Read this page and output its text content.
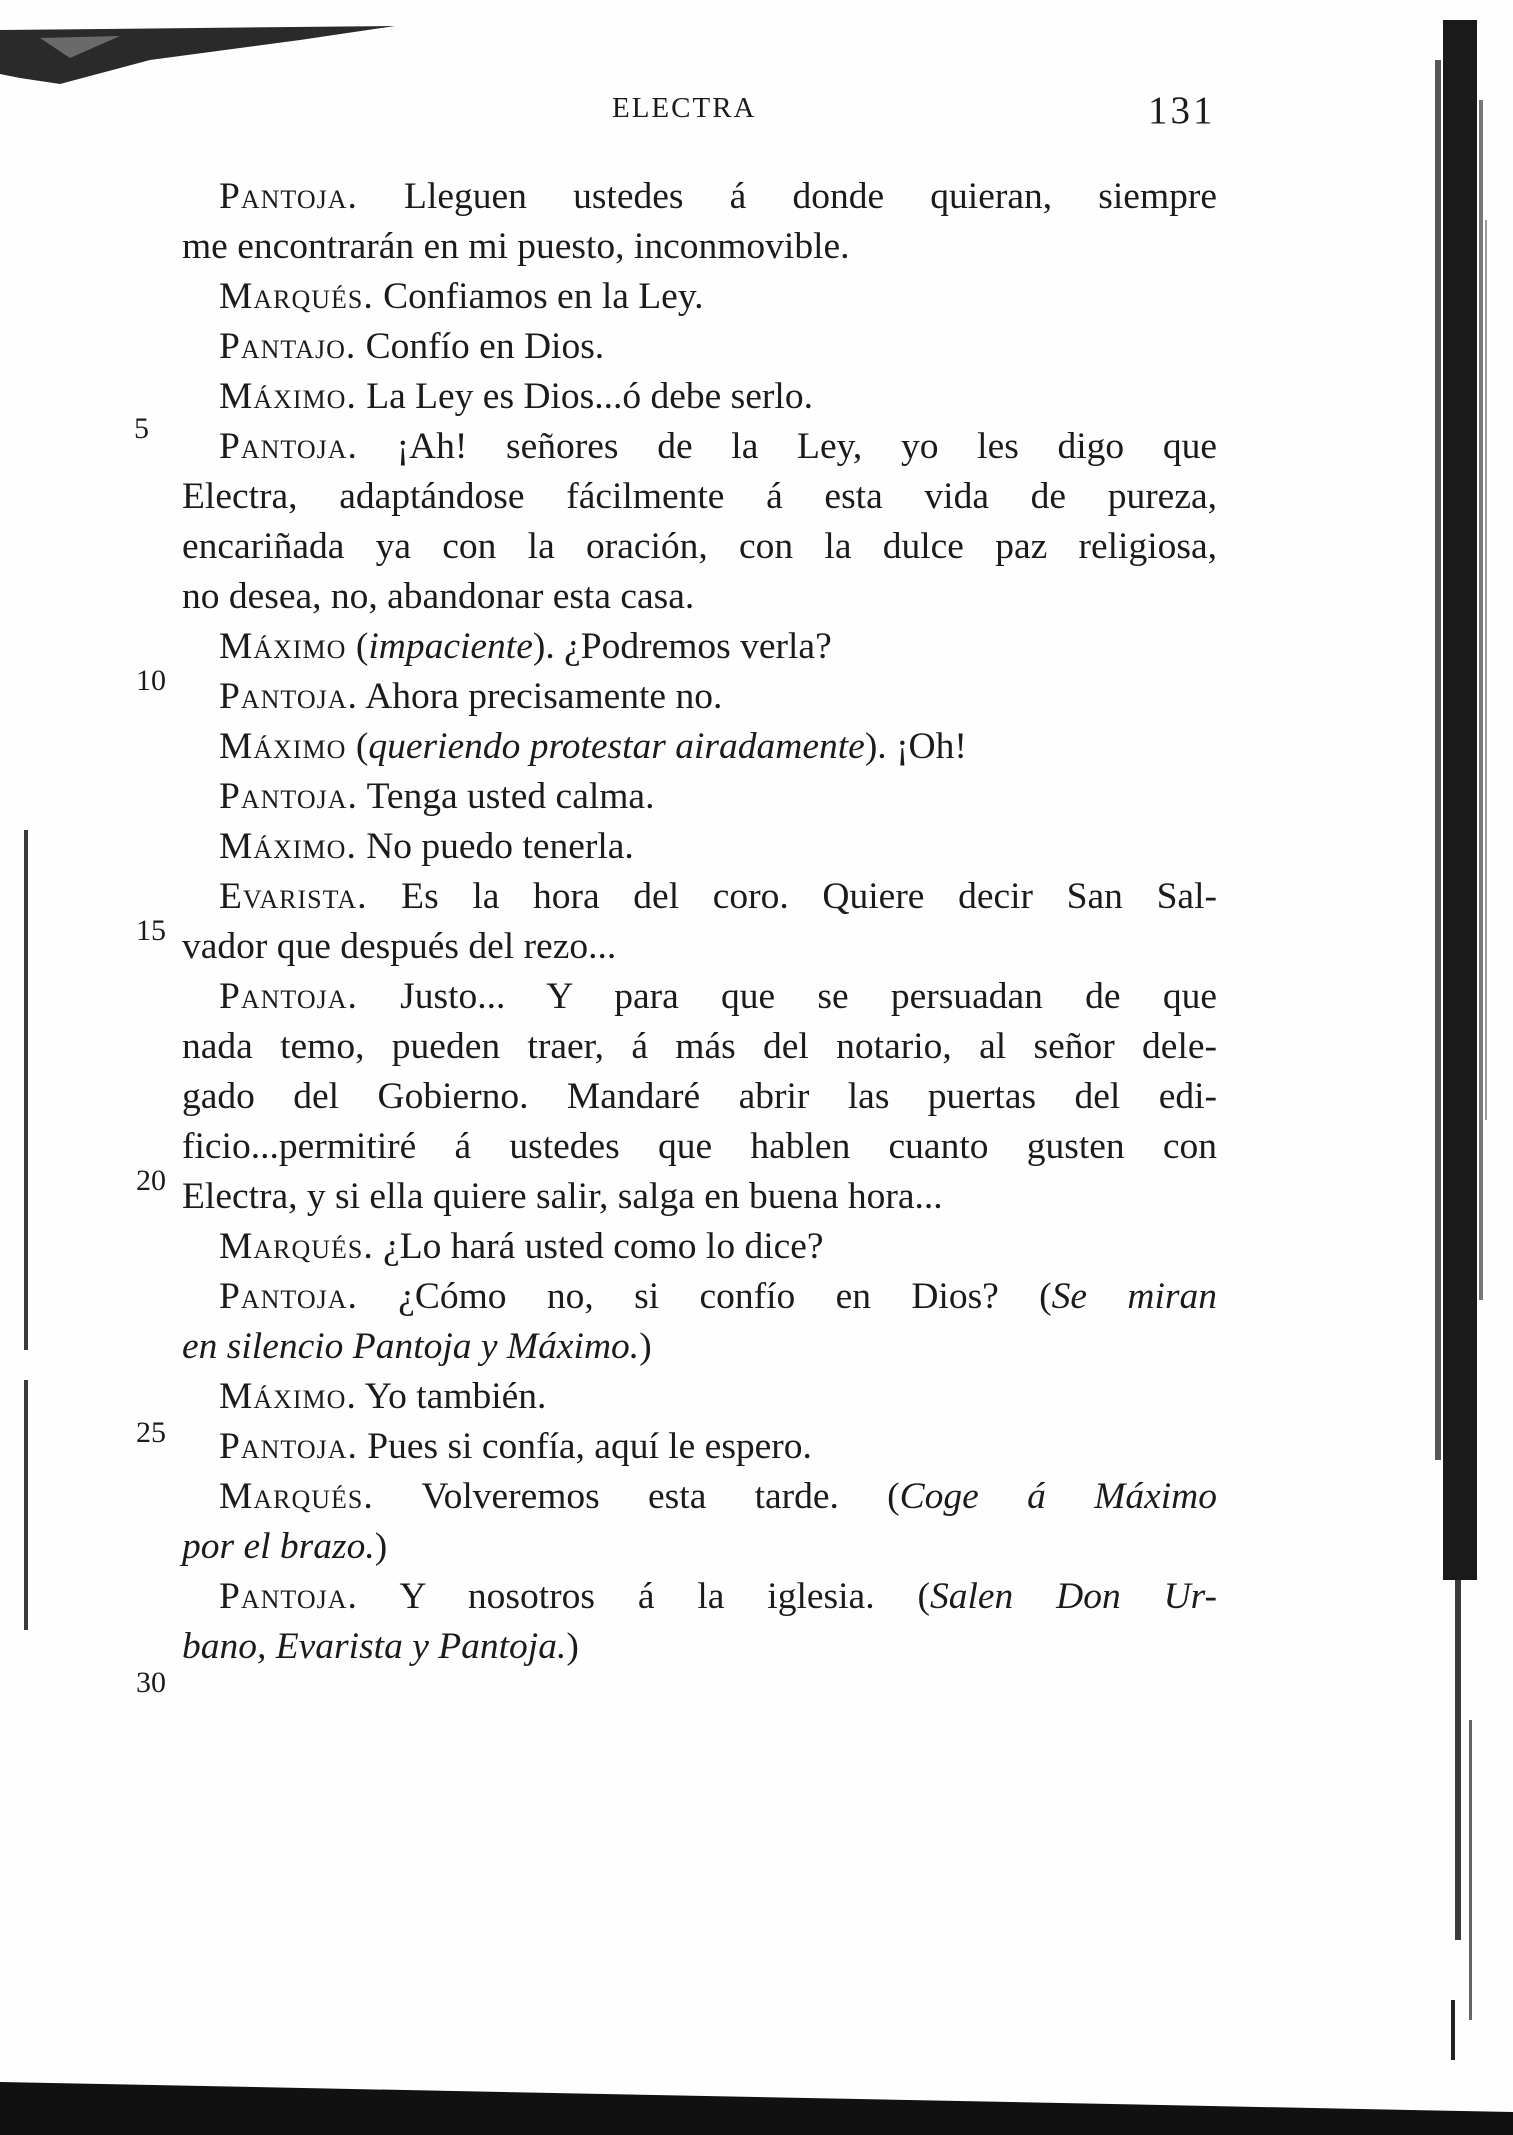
ELECTRA	131
5
10
15
20
25
30
Pantoja. Lleguen ustedes á donde quieran, siempre
me encontrarán en mi puesto, inconmovible.
Marqués. Confiamos en la Ley.
Pantajo. Confío en Dios.
Máximo. La Ley es Dios...ó debe serlo.
Pantoja. ¡Ah! señores de la Ley, yo les digo que
Electra, adaptándose fácilmente á esta vida de pureza,
encariñada ya con la oración, con la dulce paz religiosa,
no desea, no, abandonar esta casa.
Máximo (impaciente). ¿Podremos verla?
Pantoja. Ahora precisamente no.
Máximo (queriendo protestar airadamente). ¡Oh!
Pantoja. Tenga usted calma.
Máximo. No puedo tenerla.
Evarista. Es la hora del coro. Quiere decir San Sal-
vador que después del rezo...
Pantoja. Justo... Y para que se persuadan de que
nada temo, pueden traer, á más del notario, al señor dele-
gado del Gobierno. Mandaré abrir las puertas del edi-
ficio...permitiré á ustedes que hablen cuanto gusten con
Electra, y si ella quiere salir, salga en buena hora...
Marqués. ¿Lo hará usted como lo dice?
Pantoja. ¿Cómo no, si confío en Dios? (Se miran
en silencio Pantoja y Máximo.)
Máximo. Yo también.
Pantoja. Pues si confía, aquí le espero.
Marqués. Volveremos esta tarde. (Coge á Máximo
por el brazo.)
Pantoja. Y nosotros á la iglesia. (Salen Don Ur-
bano, Evarista y Pantoja.)
